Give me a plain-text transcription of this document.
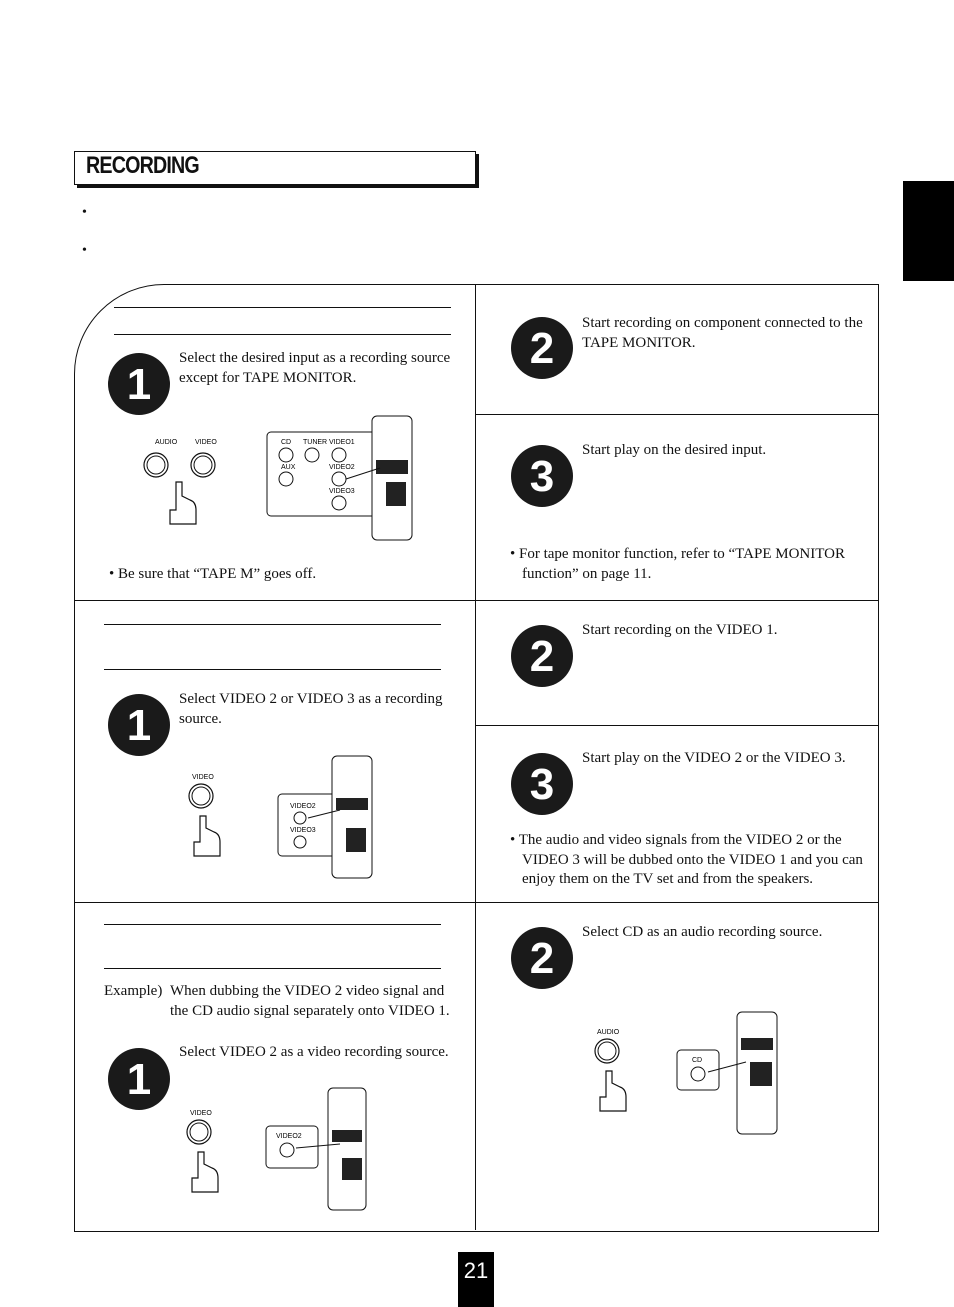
RECORDING
•
•
1
Select the desired input as a recording source except for TAPE MONITOR.
2
Start recording on component connected to the TAPE MONITOR.
3
Start play on the desired input.
• Be sure that “TAPE M” goes off.
• For tape monitor function, refer to “TAPE MONITOR function” on page 11.
AUDIO	VIDEO	CD TUNER VIDEO1
AUX	VIDEO2
VIDEO3
1
Select VIDEO 2 or VIDEO 3 as a recording source.
2
Start recording on the VIDEO 1.
3
Start play on the VIDEO 2 or the VIDEO 3.
• The audio and video signals from the VIDEO 2 or the VIDEO 3 will be dubbed onto the VIDEO 1 and you can enjoy them on the TV set and from the speakers.
VIDEO
VIDEO2
VIDEO3
Example) When dubbing the VIDEO 2 video signal and the CD audio signal separately onto VIDEO 1.
1
Select VIDEO 2 as a video recording source.
2
Select CD as an audio recording source.
VIDEO
VIDEO2
AUDIO
CD
21
